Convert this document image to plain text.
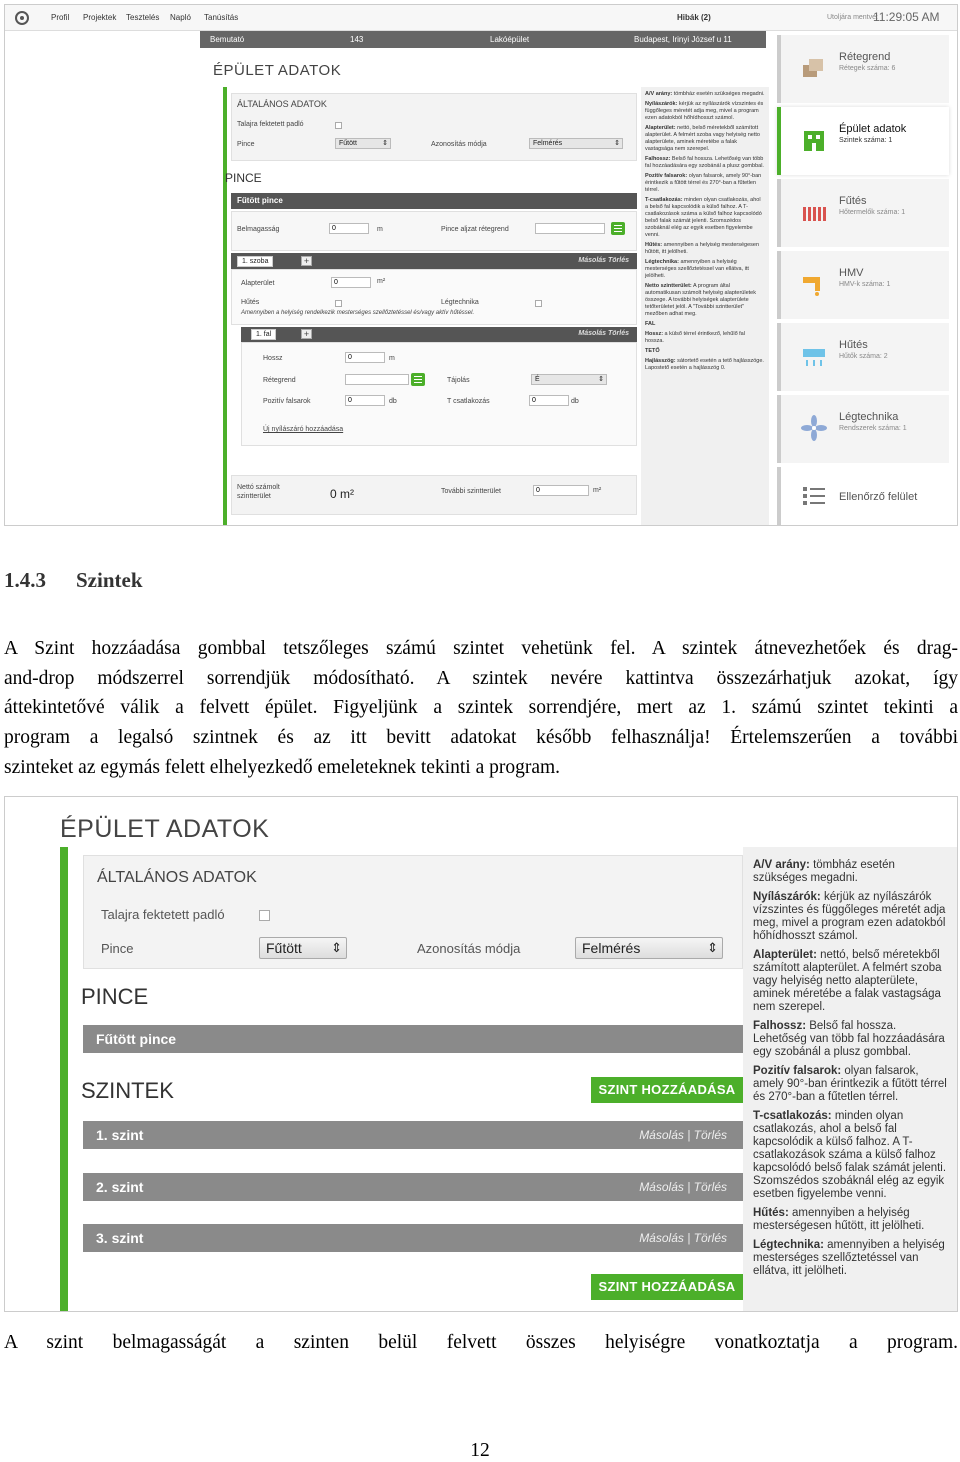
Profil Projektek Tesztelés Napló Tanúsítás	Hibák (2)	Utoljára mentve:
11:29:05 AM
Bemutató	143	Lakóépület	Budapest, Irinyi József u 11
ÉPÜLET ADATOK
ÁLTALÁNOS ADATOK
Talajra fektetett padló
Pince	Fűtött ⇕	Azonosítás módja	Felmérés ⇕
PINCE
Fűtött pince
Belmagasság	0	m	Pince aljzat rétegrend
Másolás Törlés
1. szoba	+
Alapterület	0	m²
Hűtés	Légtechnika
Amennyiben a helyiség rendelkezik mesterséges szellőztetéssel és/vagy aktív hűtéssel.
Másolás Törlés
1. fal	+
Hossz	0	m
Rétegrend	Tájolás	É ⇕
Pozitív falsarok	0	db	T csatlakozás	0	db
Új nyílászáró hozzáadása
Nettó számolt
szintterület	0 m²	További szintterület	0	m²

A/V arány: tömbház esetén szükséges megadni.

Nyílászárók: kérjük az nyílászárók vízszintes és függőleges méretét adja meg, mivel a program ezen adatokból hőhídhosszt számol.

Alapterület: nettó, belső méretekből számított alapterület. A felmért szoba vagy helyiség netto alapterülete, aminek méretébe a falak vastagsága nem szerepel.

Falhossz: Belső fal hossza. Lehetőség van több fal hozzáadására egy szobánál a plusz gombbal.

Pozitív falsarok: olyan falsarok, amely 90°-ban érintkezik a fűtött térrel és 270°-ban a fűtetlen térrel.

T-csatlakozás: minden olyan csatlakozás, ahol a belső fal kapcsolódik a külső falhoz. A T-csatlakozások száma a külső falhoz kapcsolódó belső falak számát jelenti. Szomszédos szobáknál elég az egyik esetben figyelembe venni.

Hűtés: amennyiben a helyiség mesterségesen hűtött, itt jelölheti.

Légtechnika: amennyiben a helyiség mesterséges szellőztetéssel van ellátva, itt jelölheti.

Netto szintterület: A program által automatikusan számolt helyiség alapterületek összege. A további helyiségek alapterülete tetőterületet jelöl. A "További szintterület" mezőben adhat meg.

FAL

Hossz: a külső térrel érintkező, lehűlő fal hossza.

TETŐ

Hajlásszög: sátortető esetén a tető hajlásszöge. Lapostető esetén a hajlásszög 0.

Rétegrend
Rétegek száma: 6
Épület adatok
Szintek száma: 1
Fűtés
Hőtermelők száma: 1
HMV
HMV-k száma: 1
Hűtés
Hűtők száma: 2
Légtechnika
Rendszerek száma: 1
Ellenőrző felület
1.4.3 Szintek
A Szint hozzáadása gombbal tetszőleges számú szintet vehetünk fel. A szintek átnevezhetőek és drag-
and-drop módszerrel sorrendjük módosítható. A szintek nevére kattintva összezárhatjuk azokat, így
áttekintetővé válik a felvett épület. Figyeljünk a szintek sorrendjére, mert az 1. számú szintet tekinti a
program a legalsó szintnek és az itt bevitt adatokat később felhasználja! Értelemszerűen a további
szinteket az egymás felett elhelyezkedő emeleteknek tekinti a program.
ÉPÜLET ADATOK
ÁLTALÁNOS ADATOK
Talajra fektetett padló
Pince	Fűtött ⇕	Azonosítás módja	Felmérés ⇕
PINCE
Fűtött pince
SZINTEK	SZINT HOZZÁADÁSA
1. szint	Másolás | Törlés
2. szint	Másolás | Törlés
3. szint	Másolás | Törlés
SZINT HOZZÁADÁSA

A/V arány: tömbház esetén szükséges megadni.

Nyílászárók: kérjük az nyílászárók vízszintes és függőleges méretét adja meg, mivel a program ezen adatokból hőhídhosszt számol.

Alapterület: nettó, belső méretekből számított alapterület. A felmért szoba vagy helyiség netto alapterülete, aminek méretébe a falak vastagsága nem szerepel.

Falhossz: Belső fal hossza. Lehetőség van több fal hozzáadására egy szobánál a plusz gombbal.

Pozitív falsarok: olyan falsarok, amely 90°-ban érintkezik a fűtött térrel és 270°-ban a fűtetlen térrel.

T-csatlakozás: minden olyan csatlakozás, ahol a belső fal kapcsolódik a külső falhoz. A T-csatlakozások száma a külső falhoz kapcsolódó belső falak számát jelenti. Szomszédos szobáknál elég az egyik esetben figyelembe venni.

Hűtés: amennyiben a helyiség mesterségesen hűtött, itt jelölheti.

Légtechnika: amennyiben a helyiség mesterséges szellőztetéssel van ellátva, itt jelölheti.

A szint belmagasságát a szinten belül felvett összes helyiségre vonatkoztatja a program.
12
